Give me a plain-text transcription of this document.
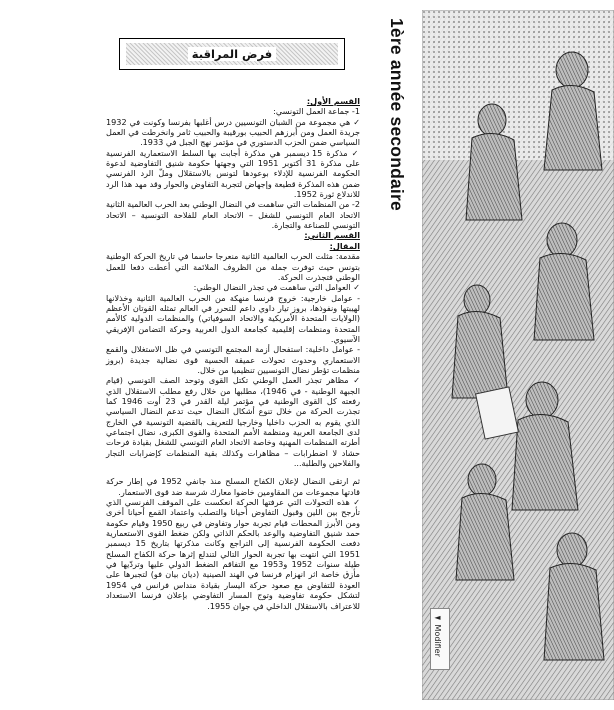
فرض المراقبة

القسم الأول:

1- جماعة العمل التونسي:

✓ هي مجموعة من الشبان التونسيين درس أغلبها بفرنسا وكونت في 1932 جريدة العمل ومن أبرزهم الحبيب بورقيبة والحبيب ثامر وانخرطت في العمل السياسي ضمن الحزب الدستوري في مؤتمر نهج الجبل في 1933.

✓ مذكرة 15 ديسمبر هي مذكرة أجابت بها السلط الاستعمارية الفرنسية على مذكرة 31 أكتوبر 1951 التي وجهتها حكومة شنيق التفاوضية لدعوة الحكومة الفرنسية للإدلاء بوعودها لتونس بالاستقلال وملّ الرد الفرنسي ضمن هذه المذكرة قطيعة وإجهاض لتجربة التفاوض والحوار وقد مهد هذا الرد للاندلاع ثورة 1952.

2- من المنظمات التي ساهمت في النضال الوطني بعد الحرب العالمية الثانية الاتحاد العام التونسي للشغل – الاتحاد العام للفلاحة التونسية – الاتحاد التونسي للصناعة والتجارة.

القسم الثاني:

المقال:

مقدمة: مثلت الحرب العالمية الثانية منعرجا حاسما في تاريخ الحركة الوطنية بتونس حيث توفرت جملة من الظروف الملائمة التي أعطت دفعا للعمل الوطني فتجذرت الحركة.

✓ العوامل التي ساهمت في تجذر النضال الوطني:

- عوامل خارجية: خروج فرنسا منهكة من الحرب العالمية الثانية وخذلانها لهيبتها ونفوذها، بروز تيار داوي داعم للتحرر في العالم تمثله القوتان الأعظم (الولايات المتحدة الأمريكية والاتحاد السوفياتي) والمنظمات الدولية كالأمم المتحدة ومنظمات إقليمية كجامعة الدول العربية وحركة التضامن الإفريقي الآسيوي.

- عوامل داخلية: استفحال أزمة المجتمع التونسي في ظل الاستغلال والقمع الاستعماري وحدوث تحولات عميقة الحسية قوى نضالية جديدة (بروز منظمات تؤطر نضال التونسيين تنظيميا من خلال.

✓ مظاهر تجذر العمل الوطني تكتل القوى وتوحد الصف التونسي (قيام الجبهة الوطنية - في 1946)، مطلبها من خلال رفع مطلب الاستقلال الذي رفعته كل القوى الوطنية في مؤتمر ليلة القدر في 23 أوت 1946 كما تجذرت الحركة من خلال تنوع أشكال النضال حيث تدعم النضال السياسي الذي يقوم به الحزب داخليا وخارجيا للتعريف بالقضية التونسية في الخارج لدى الجامعة العربية ومنظمة الأمم المتحدة والقوى الكبرى، نضال اجتماعي أطرته المنظمات المهنية وخاصة الاتحاد العام التونسي للشغل بقيادة فرحات حشاد لا اضطرابات – مظاهرات وكذلك بقية المنظمات كإضرابات التجار والفلاحين والطلبة...

ثم ارتقى النضال لإعلان الكفاح المسلح منذ جانفي 1952 في إطار حركة قادتها مجموعات من المقاومين خاضوا معارك شرسة ضد قوى الاستعمار.

✓ هذه التحولات التي عرفتها الحركة انعكست على الموقف الفرنسي الذي تأرجح بين اللين وقبول التفاوض أحيانا والتصلب واعتماد القمع أحيانا أخرى ومن الأبرز المحطات قيام تجربة حوار وتفاوض في ربيع 1950 وقيام حكومة حمد شنيق التفاوضية والوعد بالحكم الذاتي ولكن ضغط القوى الاستعمارية دفعت الحكومة الفرنسية إلى التراجع وكانت مذكرتها بتاريخ 15 ديسمبر 1951 التي انتهت بها تجربة الحوار التالي لتندلع إثرها حركة الكفاح المسلح طيلة سنوات 1952 و1953 مع التفاقم الضغط الدولي عليها وتردّيها في مأزق خاصة اثر انهزام فرنسا في الهند الصينية (ديان بيان فو) لتجبرها على العودة للتفاوض مع صعود حركة اليسار بقيادة منداس فرانس في 1954 لتشكل حكومة تفاوضية وتوج المسار التفاوضي بإعلان فرنسا الاستعداد للاعتراف بالاستقلال الداخلي في جوان 1955.

1ère année secondaire
◄ Modifier
